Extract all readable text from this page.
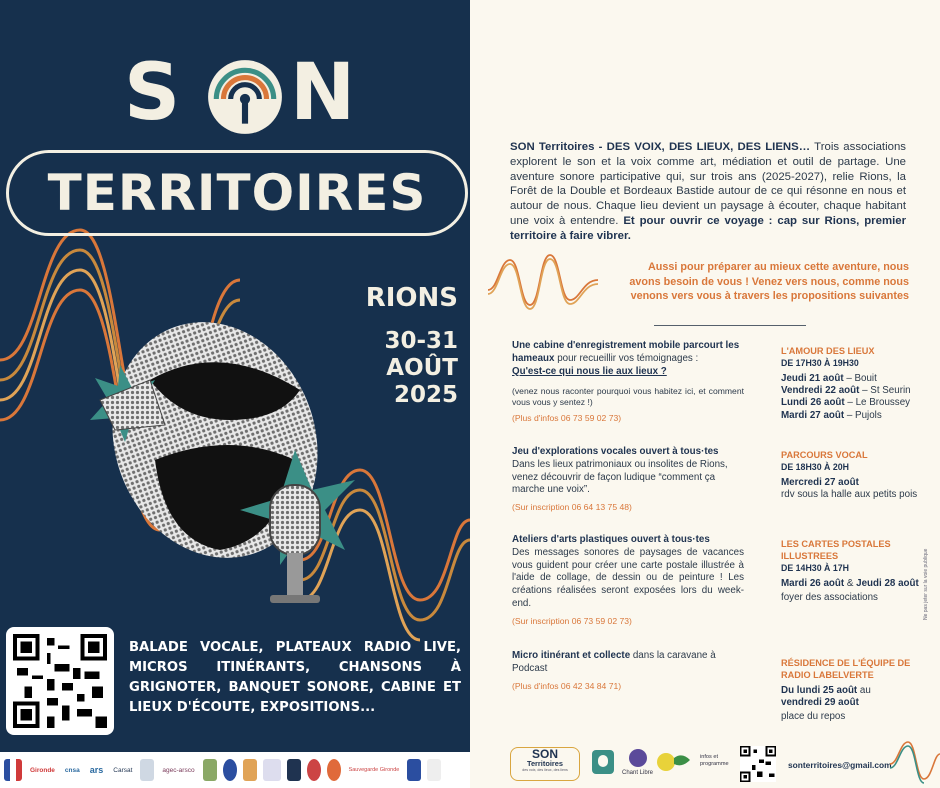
S N
TERRITOIRES
RIONS
30-31
AOÛT
2025
BALADE VOCALE, PLATEAUX RADIO LIVE, MICROS ITINÉRANTS, CHANSONS À GRIGNOTER, BANQUET SONORE, CABINE ET LIEUX D'ÉCOUTE, EXPOSITIONS...
Gironde	cnsa ars	Carsat	agec-arsco	Sauvegarde Gironde

SON Territoires - DES VOIX, DES LIEUX, DES LIENS… Trois associations explorent le son et la voix comme art, médiation et outil de partage. Une aventure sonore participative qui, sur trois ans (2025-2027), relie Rions, la Forêt de la Double et Bordeaux Bastide autour de ce qui résonne en nous et autour de nous. Chaque lieu devient un paysage à écouter, chaque habitant une voix à entendre. Et pour ouvrir ce voyage : cap sur Rions, premier territoire à faire vibrer.

Aussi pour préparer au mieux cette aventure, nous avons besoin de vous ! Venez vers nous, comme nous venons vers vous à travers les propositions suivantes

Une cabine d'enregistrement mobile parcourt les hameaux pour recueillir vos témoignages :
Qu'est-ce qui nous lie aux lieux ?
(venez nous raconter pourquoi vous habitez ici, et comment vous vous y sentez !)
(Plus d'infos 06 73 59 02 73)
Jeu d'explorations vocales ouvert à tous·tes
Dans les lieux patrimoniaux ou insolites de Rions, venez découvrir de façon ludique “comment ça marche une voix”.
(Sur inscription 06 64 13 75 48)
Ateliers d'arts plastiques ouvert à tous·tes
Des messages sonores de paysages de vacances vous guident pour créer une carte postale illustrée à l'aide de collage, de dessin ou de peinture ! Les créations réalisées seront exposées lors du week-end.
(Sur inscription 06 73 59 02 73)
Micro itinérant et collecte dans la caravane à Podcast
(Plus d'infos 06 42 34 84 71)
L'AMOUR DES LIEUX
DE 17H30 À 19H30
Jeudi 21 août – Bouit
Vendredi 22 août – St Seurin
Lundi 26 août – Le Broussey
Mardi 27 août – Pujols
PARCOURS VOCAL
DE 18H30 À 20H
Mercredi 27 août
rdv sous la halle aux petits pois
LES CARTES POSTALES ILLUSTREES
DE 14H30 À 17H
Mardi 26 août & Jeudi 28 août
foyer des associations
RÉSIDENCE DE L'ÉQUIPE DE RADIO LABELVERTE
Du lundi 25 août au
vendredi 29 août
place du repos
Ne pas jeter sur la voie publique
SON
Territoires
des voix, des lieux, des liens	Chant Libre
infos et
programme	sonterritoires@gmail.com
